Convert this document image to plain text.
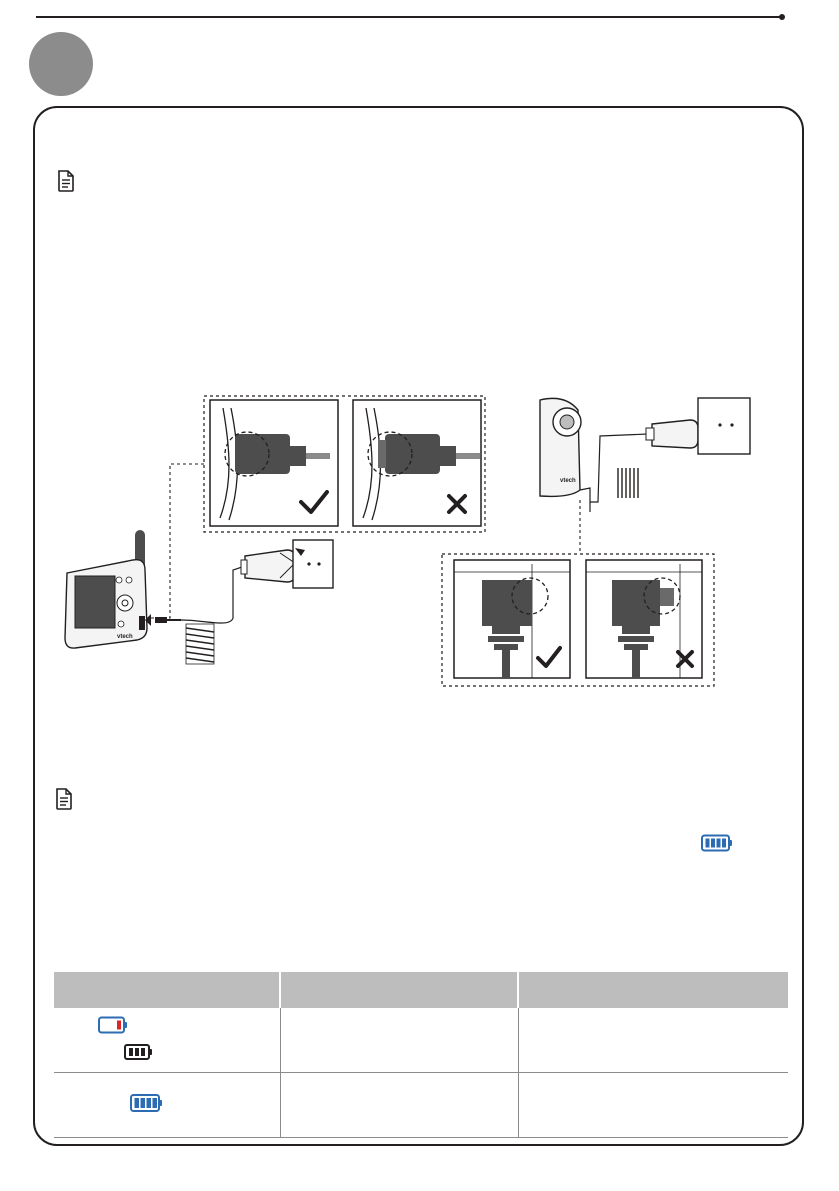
vtech
vtech
